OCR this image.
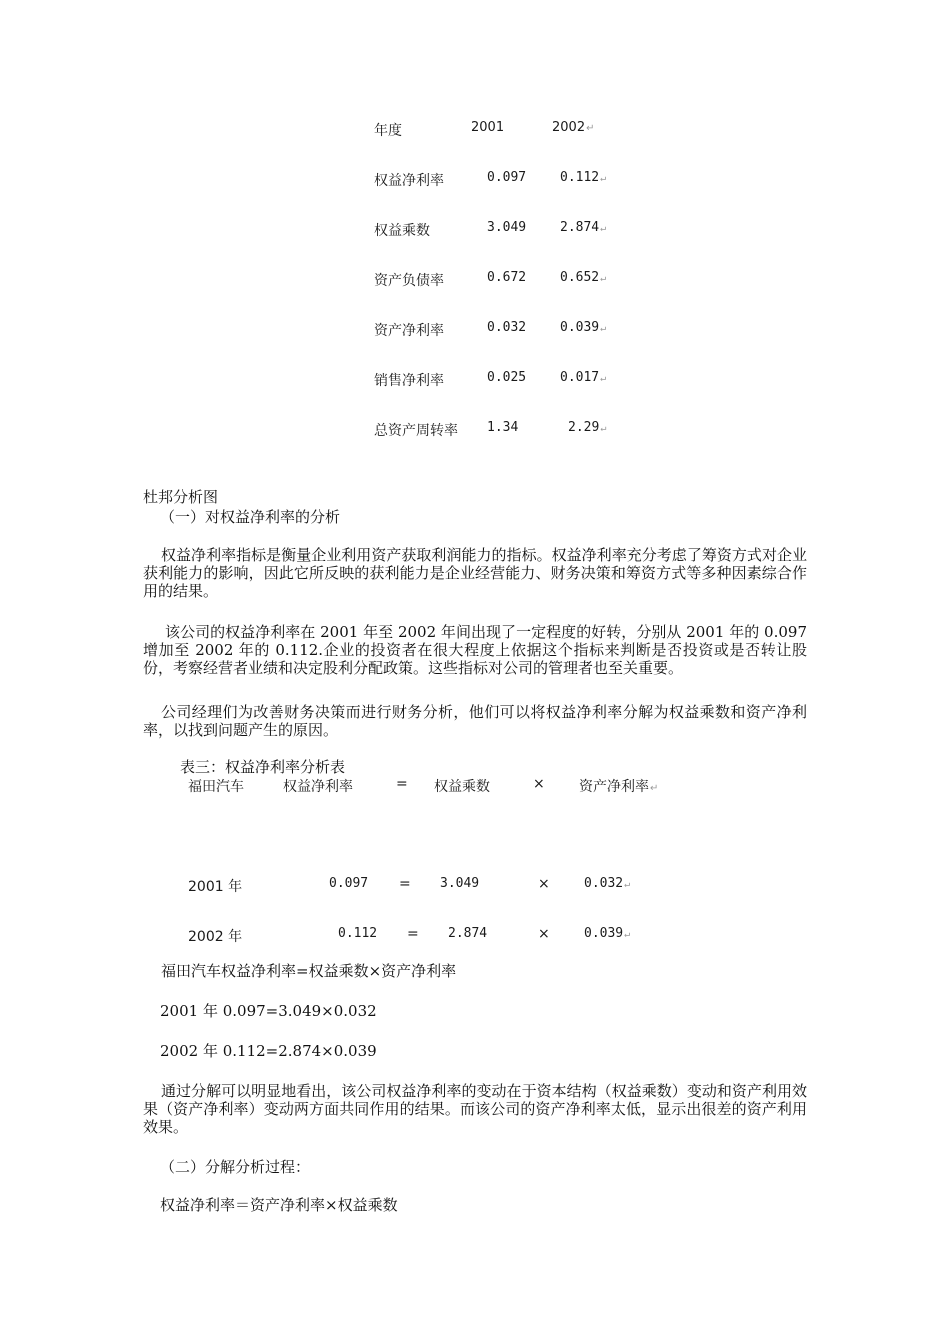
年度	2001	2002↵
权益净利率	0.097	0.112↵
权益乘数	3.049	2.874↵
资产负债率	0.672	0.652↵
资产净利率	0.032	0.039↵
销售净利率	0.025	0.017↵
总资产周转率 1.34	2.29↵
杜邦分析图
（一）对权益净利率的分析
权益净利率指标是衡量企业利用资产获取利润能力的指标。权益净利率充分考虑了筹资方式对企业获利能力的影响，因此它所反映的获利能力是企业经营能力、财务决策和筹资方式等多种因素综合作用的结果。
该公司的权益净利率在 2001 年至 2002 年间出现了一定程度的好转，分别从 2001 年的 0.097 增加至 2002 年的 0.112.企业的投资者在很大程度上依据这个指标来判断是否投资或是否转让股份，考察经营者业绩和决定股利分配政策。这些指标对公司的管理者也至关重要。
公司经理们为改善财务决策而进行财务分析，他们可以将权益净利率分解为权益乘数和资产净利率，以找到问题产生的原因。
表三：权益净利率分析表
福田汽车	权益净利率	= 权益乘数	× 资产净利率↵
2001 年	0.097 = 3.049	×	0.032↵
2002 年	0.112 = 2.874	×	0.039↵
福田汽车权益净利率=权益乘数×资产净利率
2001 年 0.097=3.049×0.032
2002 年 0.112=2.874×0.039
通过分解可以明显地看出，该公司权益净利率的变动在于资本结构（权益乘数）变动和资产利用效果（资产净利率）变动两方面共同作用的结果。而该公司的资产净利率太低，显示出很差的资产利用效果。
（二）分解分析过程：
权益净利率＝资产净利率×权益乘数
